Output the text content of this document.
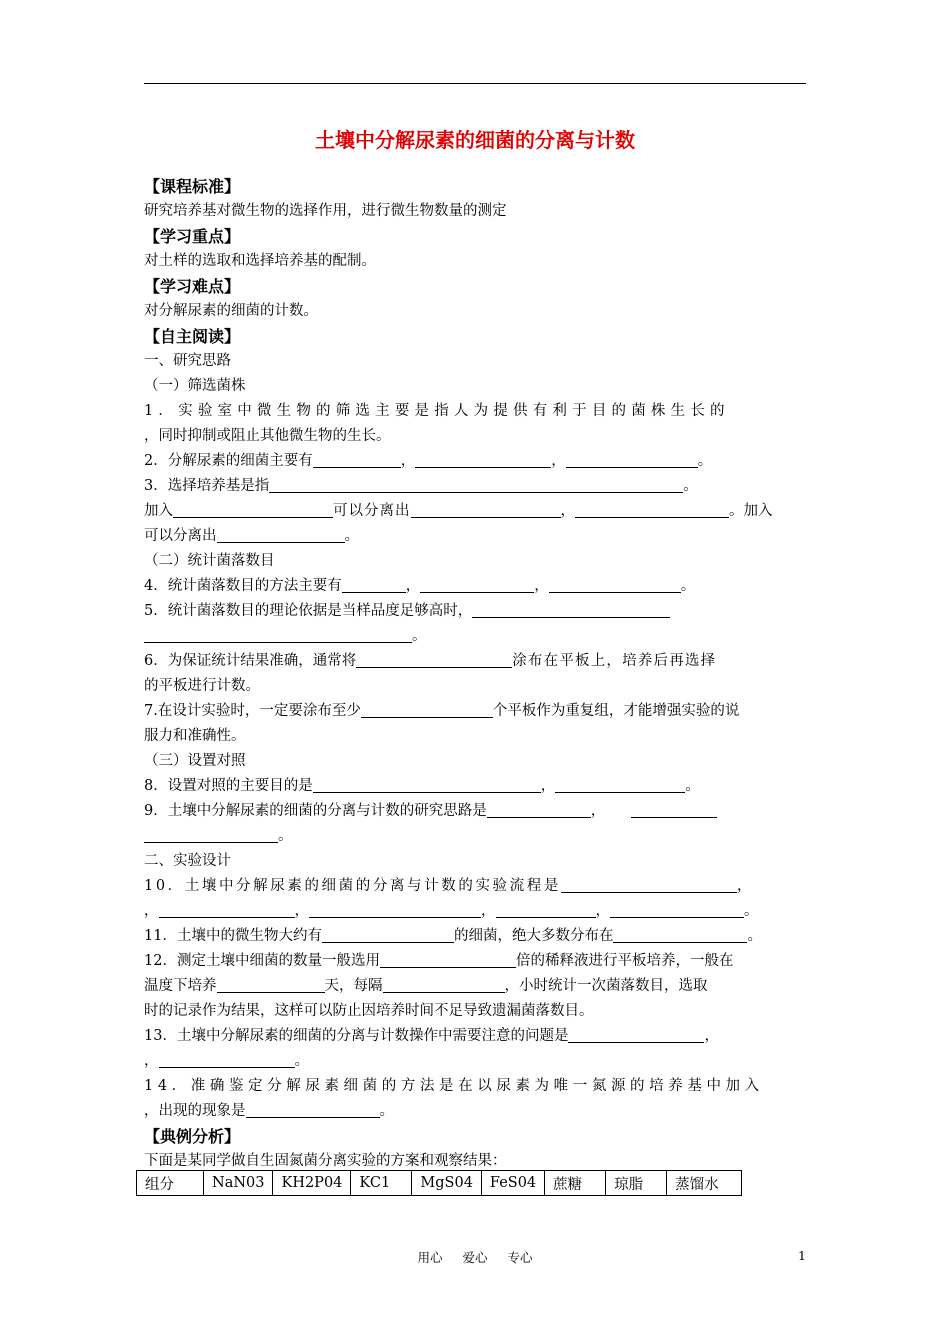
土壤中分解尿素的细菌的分离与计数
【课程标准】
研究培养基对微生物的选择作用，进行微生物数量的测定
【学习重点】
对土样的选取和选择培养基的配制。
【学习难点】
对分解尿素的细菌的计数。
【自主阅读】
一、研究思路
（一）筛选菌株
1．实验室中微生物的筛选主要是指人为提供有利于目的菌株生长的
，同时抑制或阻止其他微生物的生长。
2．分解尿素的细菌主要有	，	，	。
3．选择培养基是指	。
加入	可以分离出	，	。加入
可以分离出	。
（二）统计菌落数目
4．统计菌落数目的方法主要有	，	，	。
5．统计菌落数目的理论依据是当样品度足够高时，
。
6．为保证统计结果准确，通常将	涂布在平板上，培养后再选择
的平板进行计数。
7.在设计实验时，一定要涂布至少	个平板作为重复组，才能增强实验的说
服力和准确性。
（三）设置对照
8．设置对照的主要目的是	，	。
9．土壤中分解尿素的细菌的分离与计数的研究思路是	，
。
二、实验设计
10．土壤中分解尿素的细菌的分离与计数的实验流程是	，
，	，	，	，	。
11．土壤中的微生物大约有	的细菌，绝大多数分布在	。
12．测定土壤中细菌的数量一般选用	倍的稀释液进行平板培养，一般在
温度下培养	天，每隔	，小时统计一次菌落数目，选取
时的记录作为结果，这样可以防止因培养时间不足导致遗漏菌落数目。
13．土壤中分解尿素的细菌的分离与计数操作中需要注意的问题是	，
，	。
14．准确鉴定分解尿素细菌的方法是在以尿素为唯一氮源的培养基中加入
，出现的现象是	。
【典例分析】
下面是某同学做自生固氮菌分离实验的方案和观察结果：
组分	NaN03	KH2P04	KC1	MgS04	FeS04	蔗糖	琼脂	蒸馏水
用心 爱心 专心	1
